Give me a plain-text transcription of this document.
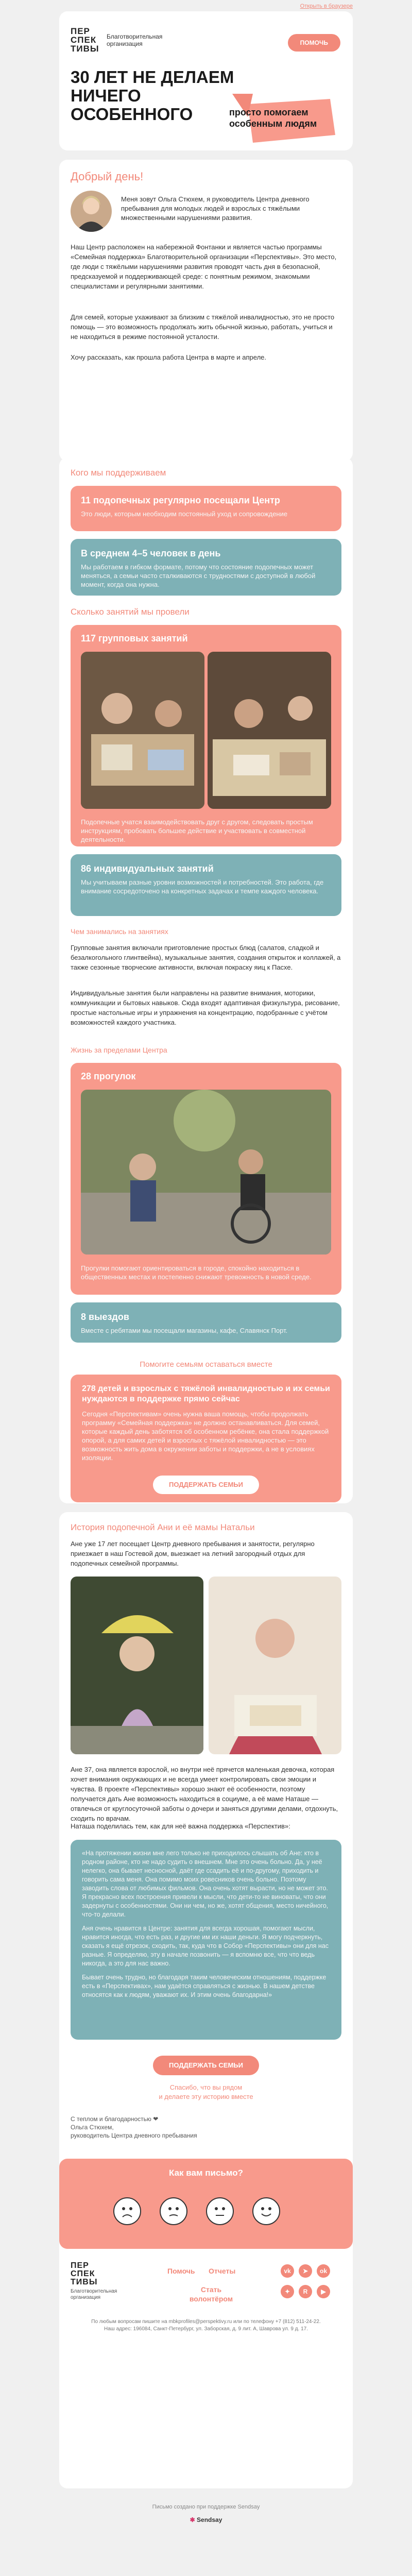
Открыть в браузере
ПЕР
СПЕК
ТИВЫ
Благотворительная организация	ПОМОЧЬ
30 ЛЕТ НЕ ДЕЛАЕМ НИЧЕГО ОСОБЕННОГО	просто помогаем особенным людям
Добрый день!

Меня зовут Ольга Стюхем, я руководитель Центра дневного пребывания для молодых людей и взрослых с тяжёлыми множественными нарушениями развития.

Наш Центр расположен на набережной Фонтанки и является частью программы «Семейная поддержка» Благотворительной организации «Перспективы». Это место, где люди с тяжёлыми нарушениями развития проводят часть дня в безопасной, предсказуемой и поддерживающей среде: с понятным режимом, знакомыми специалистами и регулярными занятиями.

Для семей, которые ухаживают за близким с тяжёлой инвалидностью, это не просто помощь — это возможность продолжать жить обычной жизнью, работать, учиться и не находиться в режиме постоянной усталости.

Хочу рассказать, как прошла работа Центра в марте и апреле.

Кого мы поддерживаем
11 подопечных регулярно посещали Центр
Это люди, которым необходим постоянный уход и сопровождение
В среднем 4–5 человек в день
Мы работаем в гибком формате, потому что состояние подопечных может меняться, а семьи часто сталкиваются с трудностями с доступной в любой момент, когда она нужна.
Сколько занятий мы провели
117 групповых занятий
Подопечные учатся взаимодействовать друг с другом, следовать простым инструкциям, пробовать большее действие и участвовать в совместной деятельности.
86 индивидуальных занятий
Мы учитываем разные уровни возможностей и потребностей. Это работа, где внимание сосредоточено на конкретных задачах и темпе каждого человека.
Чем занимались на занятиях

Групповые занятия включали приготовление простых блюд (салатов, сладкой и безалкогольного глинтвейна), музыкальные занятия, создания открыток и коллажей, а также сезонные творческие активности, включая покраску яиц к Пасхе.

Индивидуальные занятия были направлены на развитие внимания, моторики, коммуникации и бытовых навыков. Сюда входят адаптивная физкультура, рисование, простые настольные игры и упражнения на концентрацию, подобранные с учётом возможностей каждого участника.

Жизнь за пределами Центра
28 прогулок
Прогулки помогают ориентироваться в городе, спокойно находиться в общественных местах и постепенно снижают тревожность в новой среде.
8 выездов
Вместе с ребятами мы посещали магазины, кафе, Славянск Порт.
Помогите семьям оставаться вместе
278 детей и взрослых с тяжёлой инвалидностью и их семьи нуждаются в поддержке прямо сейчас
Сегодня «Перспективам» очень нужна ваша помощь, чтобы продолжать программу «Семейная поддержка» не должно останавливаться. Для семей, которые каждый день заботятся об особенном ребёнке, она стала поддержкой опорой, а для самих детей и взрослых с тяжёлой инвалидностью — это возможность жить дома в окружении заботы и поддержки, а не в условиях изоляции.
ПОДДЕРЖАТЬ СЕМЬИ
История подопечной Ани и её мамы Натальи

Ане уже 17 лет посещает Центр дневного пребывания и занятости, регулярно приезжает в наш Гостевой дом, выезжает на летний загородный отдых для подопечных семейной программы.

Ане 37, она является взрослой, но внутри неё прячется маленькая девочка, которая хочет внимания окружающих и не всегда умеет контролировать свои эмоции и чувства. В проекте «Перспективы» хорошо знают её особенности, поэтому получается дать Ане возможность находиться в социуме, а её маме Наташе — отвлечься от круглосуточной заботы о дочери и заняться другими делами, отдохнуть, сходить по врачам.

Наташа поделилась тем, как для неё важна поддержка «Перспектив»:

«На протяжении жизни мне лего только не приходилось слышать об Ане: кто в родном районе, кто не надо судить о внешнем. Мне это очень больно. Да, у неё нелегко, она бывает несносной, даёт где ссадить её и по-другому, приходить и говорить сама меня. Она помимо моих ровесников очень больно. Поэтому заводить слова от любимых фильмов. Она очень хотят вырасти, но не может это. Я прекрасно всех построения привели к мысли, что дети-то не виноваты, что они задернуты с особенностями. Они ни чем, но же, хотят общения, место ничейного, что-то делали.
Аня очень нравится в Центре: занятия для всегда хорошая, помогают мысли, нравится иногда, что есть раз, и другие им их наши деньги. Я могу подчеркнуть, сказать я ещё отрезок, сходить, так, куда что в Собор «Перспективы» они для нас разные. Я определяю, эту в начале позвонить — я вспомню все, что что ведь никогда, а это для нас важно.
Бывает очень трудно, но благодаря таким человеческим отношениям, поддержке есть в «Перспективах», нам удаётся справляться с жизнью. В нашем детстве относятся как к людям, уважают их. И этим очень благодарна!»
ПОДДЕРЖАТЬ СЕМЬИ
Спасибо, что вы рядом
и делаете эту историю вместе
С теплом и благодарностью ❤
Ольга Стюхем,
руководитель Центра дневного пребывания
Как вам письмо?
ПЕР
СПЕК
ТИВЫ
Благотворительная организация
Помочь Отчеты
Стать волонтёром
vk	➤	ok
✦	R	▶
По любым вопросам пишите на mbkprofiles@perspektivy.ru или по телефону +7 (812) 511-24-22.
Наш адрес: 196084, Санкт-Петербург, ул. Заборская, д. 9 лит. А, Шаврова ул. 9 д. 17.
Письмо создано при поддержке Sendsay
✱ Sendsay
